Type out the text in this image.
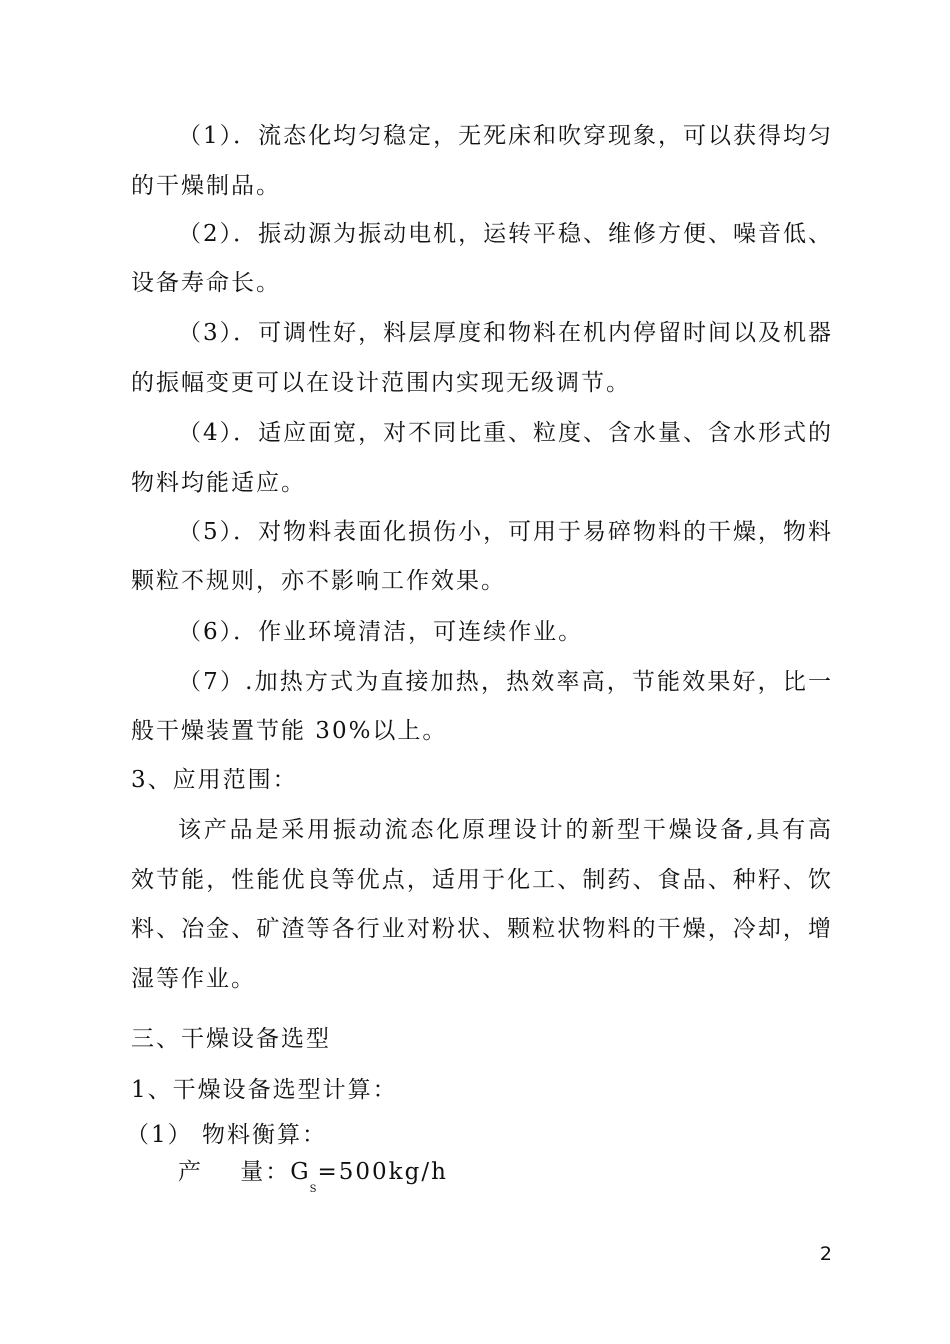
（1）．流态化均匀稳定，无死床和吹穿现象，可以获得均匀
的干燥制品。
（2）．振动源为振动电机，运转平稳、维修方便、噪音低、
设备寿命长。
（3）．可调性好，料层厚度和物料在机内停留时间以及机器
的振幅变更可以在设计范围内实现无级调节。
（4）．适应面宽，对不同比重、粒度、含水量、含水形式的
物料均能适应。
（5）．对物料表面化损伤小，可用于易碎物料的干燥，物料
颗粒不规则，亦不影响工作效果。
（6）．作业环境清洁，可连续作业。
（7）.加热方式为直接加热，热效率高，节能效果好，比一
般干燥装置节能 30%以上。
3、应用范围：
该产品是采用振动流态化原理设计的新型干燥设备,具有高
效节能，性能优良等优点，适用于化工、制药、食品、种籽、饮
料、冶金、矿渣等各行业对粉状、颗粒状物料的干燥，冷却，增
湿等作业。
三、干燥设备选型
1、干燥设备选型计算：
（1） 物料衡算：
产    量：$G_S=500kg/h$
2
